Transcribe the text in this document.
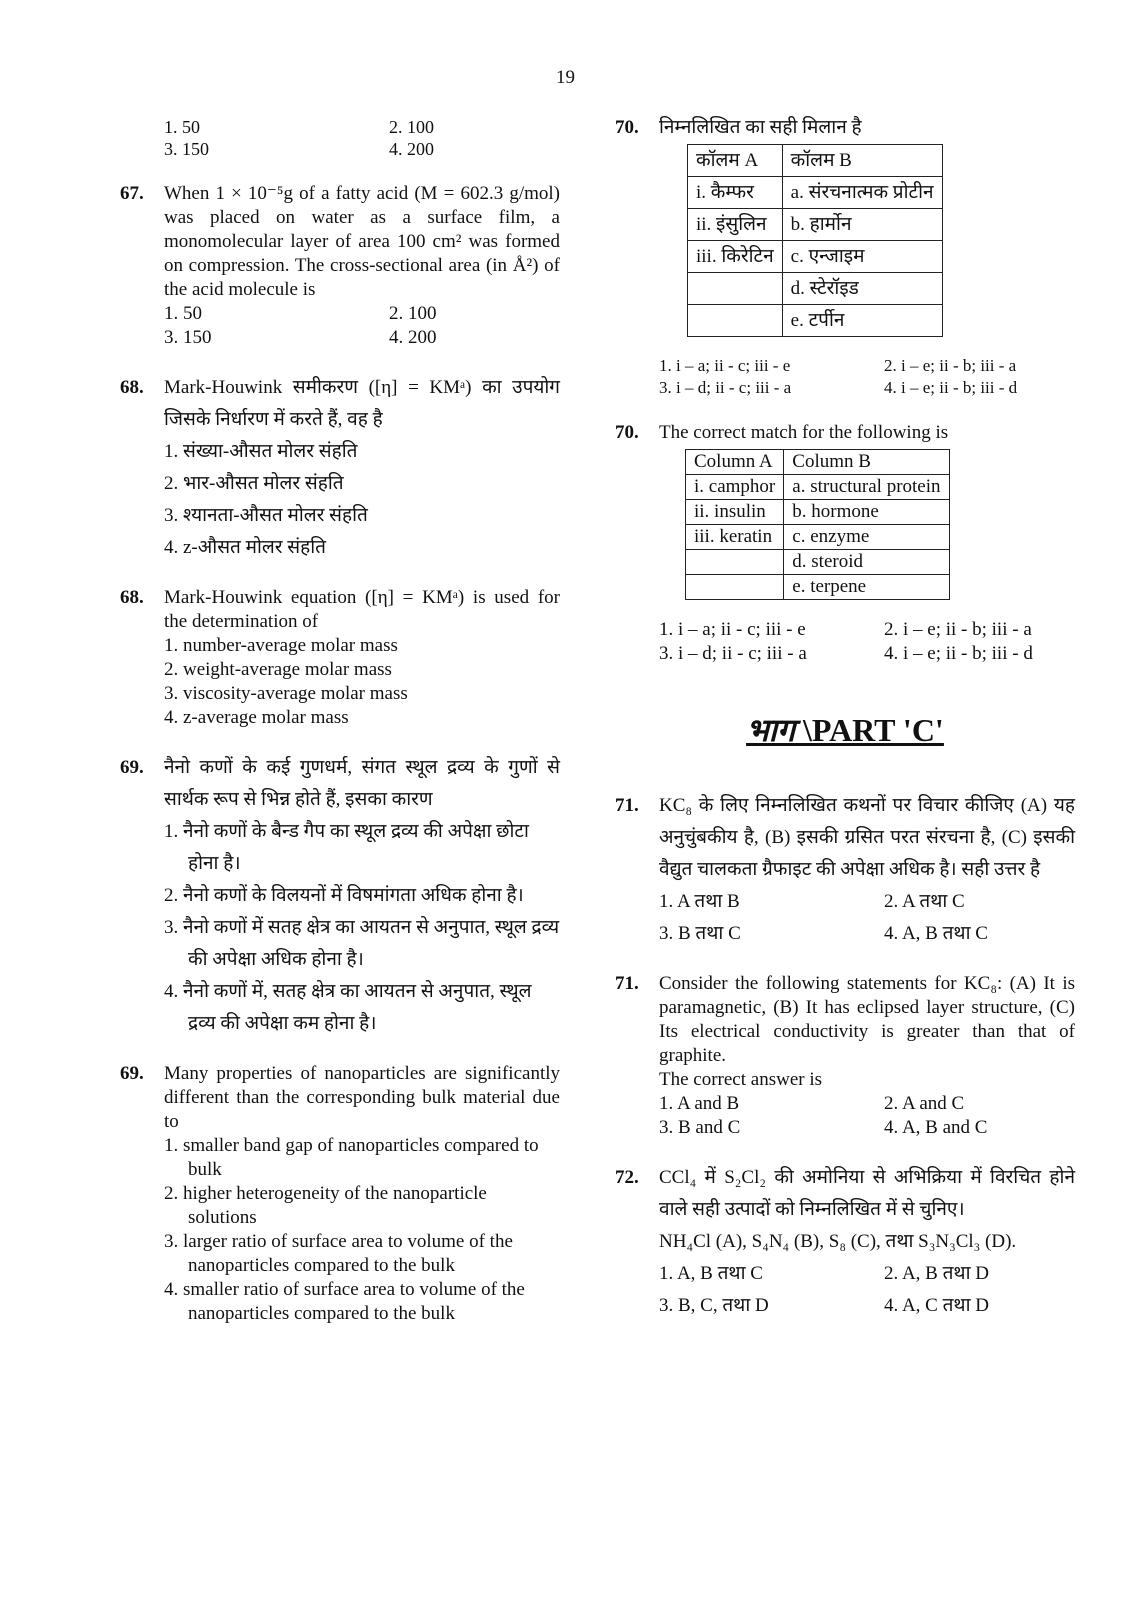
19
1. 50	2. 100
3. 150	4. 200
67. When 1 × 10⁻⁵g of a fatty acid (M = 602.3 g/mol) was placed on water as a surface film, a monomolecular layer of area 100 cm² was formed on compression. The cross-sectional area (in Å²) of the acid molecule is
1. 50	2. 100
3. 150	4. 200
68. Mark-Houwink समीकरण ([η] = KMᵃ) का उपयोग जिसके निर्धारण में करते हैं, वह है
1. संख्या-औसत मोलर संहति
2. भार-औसत मोलर संहति
3. श्यानता-औसत मोलर संहति
4. z-औसत मोलर संहति
68. Mark-Houwink equation ([η] = KMᵃ) is used for the determination of
1. number-average molar mass
2. weight-average molar mass
3. viscosity-average molar mass
4. z-average molar mass
69. नैनो कणों के कई गुणधर्म, संगत स्थूल द्रव्य के गुणों से सार्थक रूप से भिन्न होते हैं, इसका कारण
1. नैनो कणों के बैन्ड गैप का स्थूल द्रव्य की अपेक्षा छोटा होना है।
2. नैनो कणों के विलयनों में विषमांगता अधिक होना है।
3. नैनो कणों में सतह क्षेत्र का आयतन से अनुपात, स्थूल द्रव्य की अपेक्षा अधिक होना है।
4. नैनो कणों में, सतह क्षेत्र का आयतन से अनुपात, स्थूल द्रव्य की अपेक्षा कम होना है।
69. Many properties of nanoparticles are significantly different than the corresponding bulk material due to
1. smaller band gap of nanoparticles compared to bulk
2. higher heterogeneity of the nanoparticle solutions
3. larger ratio of surface area to volume of the nanoparticles compared to the bulk
4. smaller ratio of surface area to volume of the nanoparticles compared to the bulk
70. निम्नलिखित का सही मिलान है
कॉलम A	कॉलम B
i. कैम्फर	a. संरचनात्मक प्रोटीन
ii. इंसुलिन	b. हार्मोन
iii. किरेटिन	c. एन्जाइम
	d. स्टेरॉइड
	e. टर्पीन
1. i – a; ii - c; iii - e	2. i – e; ii - b; iii - a
3. i – d; ii - c; iii - a	4. i – e; ii - b; iii - d
70. The correct match for the following is
Column A	Column B
i. camphor	a. structural protein
ii. insulin	b. hormone
iii. keratin	c. enzyme
	d. steroid
	e. terpene
1. i – a; ii - c; iii - e	2. i – e; ii - b; iii - a
3. i – d; ii - c; iii - a	4. i – e; ii - b; iii - d
भाग \PART 'C'
71. KC₈ के लिए निम्नलिखित कथनों पर विचार कीजिए (A) यह अनुचुंबकीय है, (B) इसकी ग्रसित परत संरचना है, (C) इसकी वैद्युत चालकता ग्रैफाइट की अपेक्षा अधिक है। सही उत्तर है
1. A तथा B	2. A तथा C
3. B तथा C	4. A, B तथा C
71. Consider the following statements for KC₈: (A) It is paramagnetic, (B) It has eclipsed layer structure, (C) Its electrical conductivity is greater than that of graphite.
The correct answer is
1. A and B	2. A and C
3. B and C	4. A, B and C
72. CCl₄ में S₂Cl₂ की अमोनिया से अभिक्रिया में विरचित होने वाले सही उत्पादों को निम्नलिखित में से चुनिए।
NH₄Cl (A), S₄N₄ (B), S₈ (C), तथा S₃N₃Cl₃ (D).
1. A, B तथा C	2. A, B तथा D
3. B, C, तथा D	4. A, C तथा D
